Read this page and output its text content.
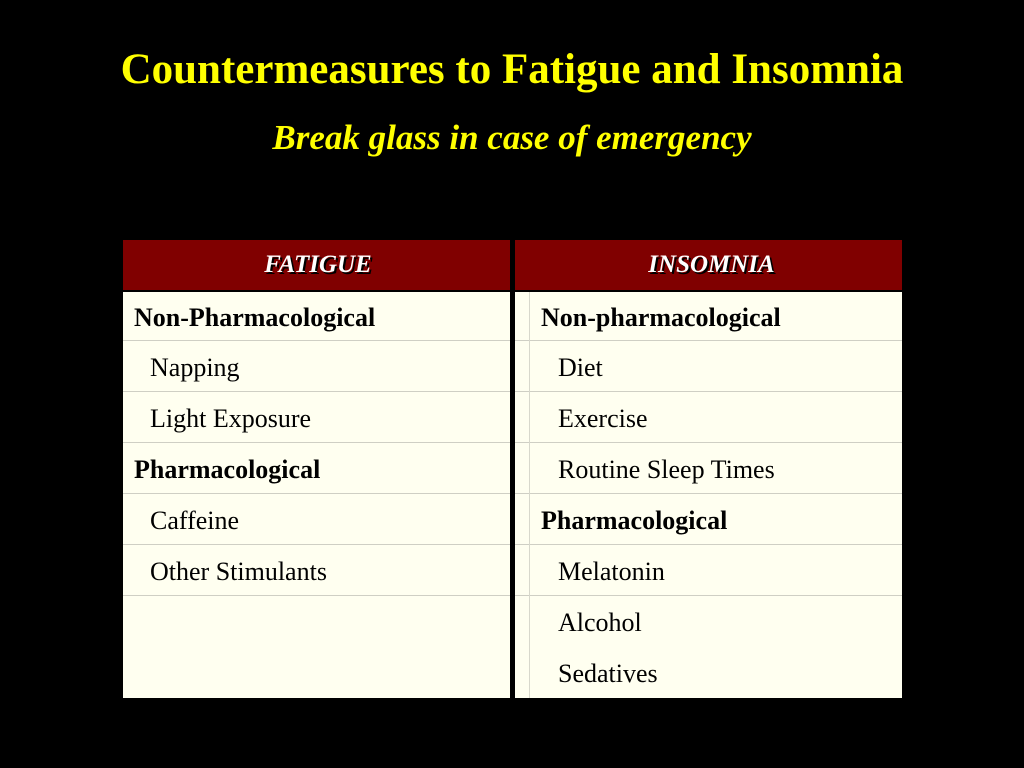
Countermeasures to Fatigue and Insomnia
Break glass in case of emergency
FATIGUE	INSOMNIA
Non-Pharmacological
Napping
Light Exposure
Pharmacological
Caffeine
Other Stimulants
Non-pharmacological
Diet
Exercise
Routine Sleep Times
Pharmacological
Melatonin
Alcohol
Sedatives
